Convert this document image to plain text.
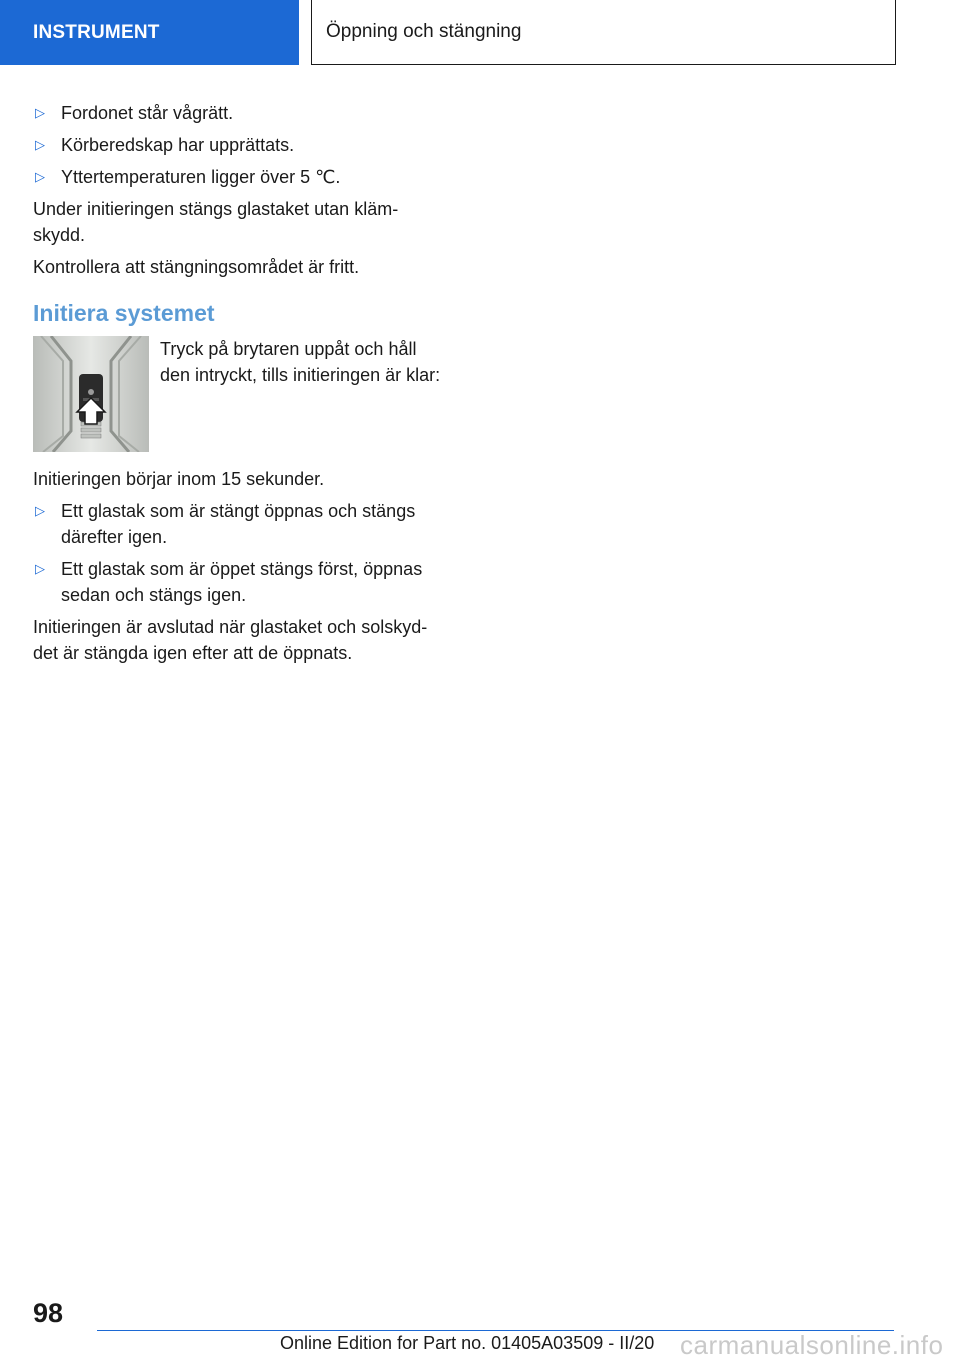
INSTRUMENT	Öppning och stängning
▷ Fordonet står vågrätt.
▷ Körberedskap har upprättats.
▷ Yttertemperaturen ligger över 5 ℃.

Under initieringen stängs glastaket utan kläm-skydd.

Kontrollera att stängningsområdet är fritt.

Initiera systemet
Tryck på brytaren uppåt och håll den intryckt, tills initieringen är klar:

Initieringen börjar inom 15 sekunder.

▷ Ett glastak som är stängt öppnas och stängs därefter igen.
▷ Ett glastak som är öppet stängs först, öppnas sedan och stängs igen.

Initieringen är avslutad när glastaket och solskyd-det är stängda igen efter att de öppnats.

98
Online Edition for Part no. 01405A03509 - II/20 carmanualsonline.info
